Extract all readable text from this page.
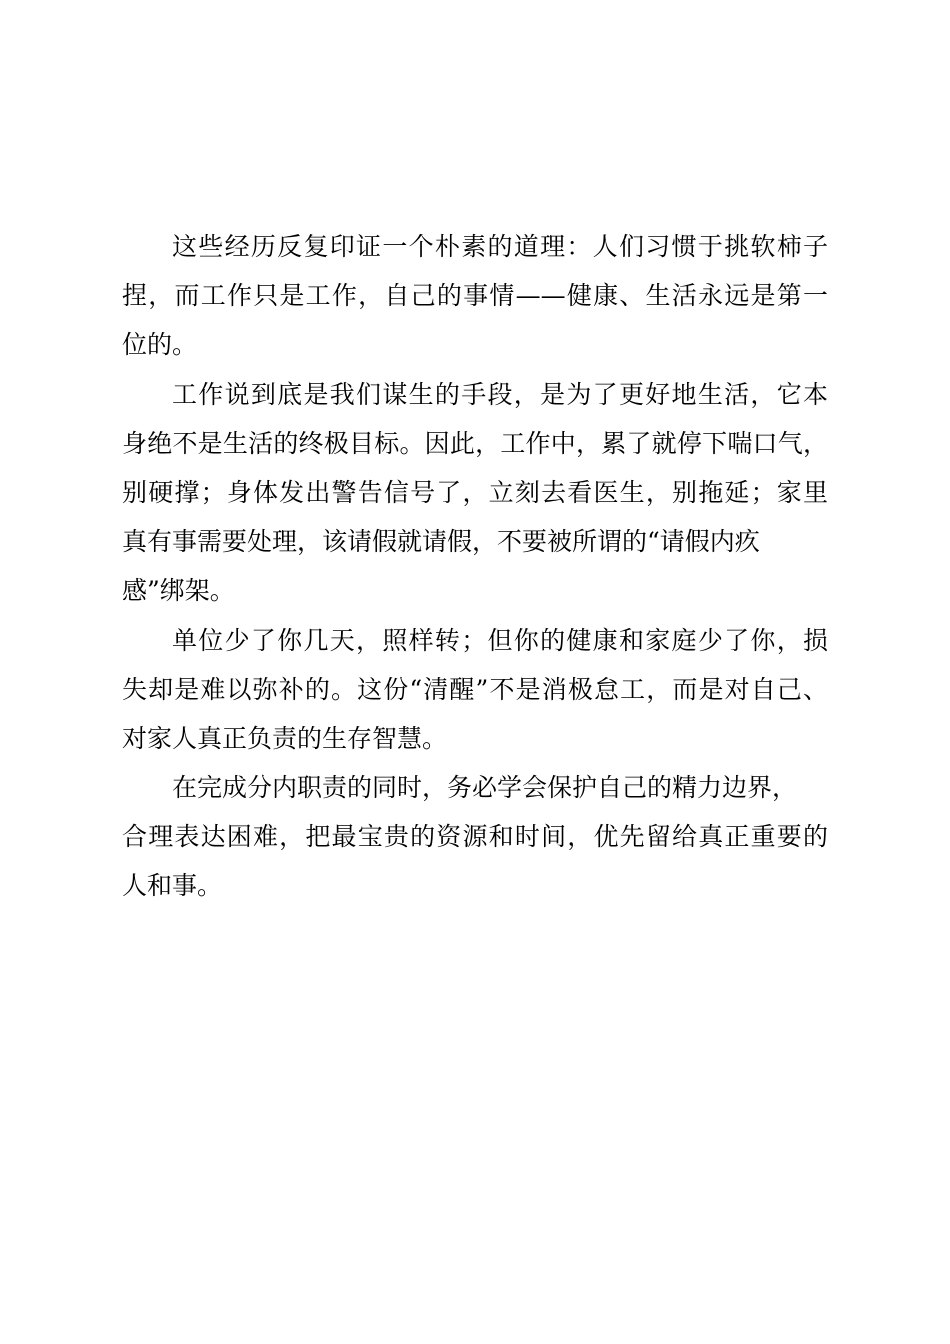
这些经历反复印证一个朴素的道理：人们习惯于挑软柿子
捏，而工作只是工作，自己的事情——健康、生活永远是第一
位的。
工作说到底是我们谋生的手段，是为了更好地生活，它本
身绝不是生活的终极目标。因此，工作中，累了就停下喘口气，
别硬撑；身体发出警告信号了，立刻去看医生，别拖延；家里
真有事需要处理，该请假就请假，不要被所谓的“请假内疚
感”绑架。
单位少了你几天，照样转；但你的健康和家庭少了你，损
失却是难以弥补的。这份“清醒”不是消极怠工，而是对自己、
对家人真正负责的生存智慧。
在完成分内职责的同时，务必学会保护自己的精力边界，
合理表达困难，把最宝贵的资源和时间，优先留给真正重要的
人和事。
